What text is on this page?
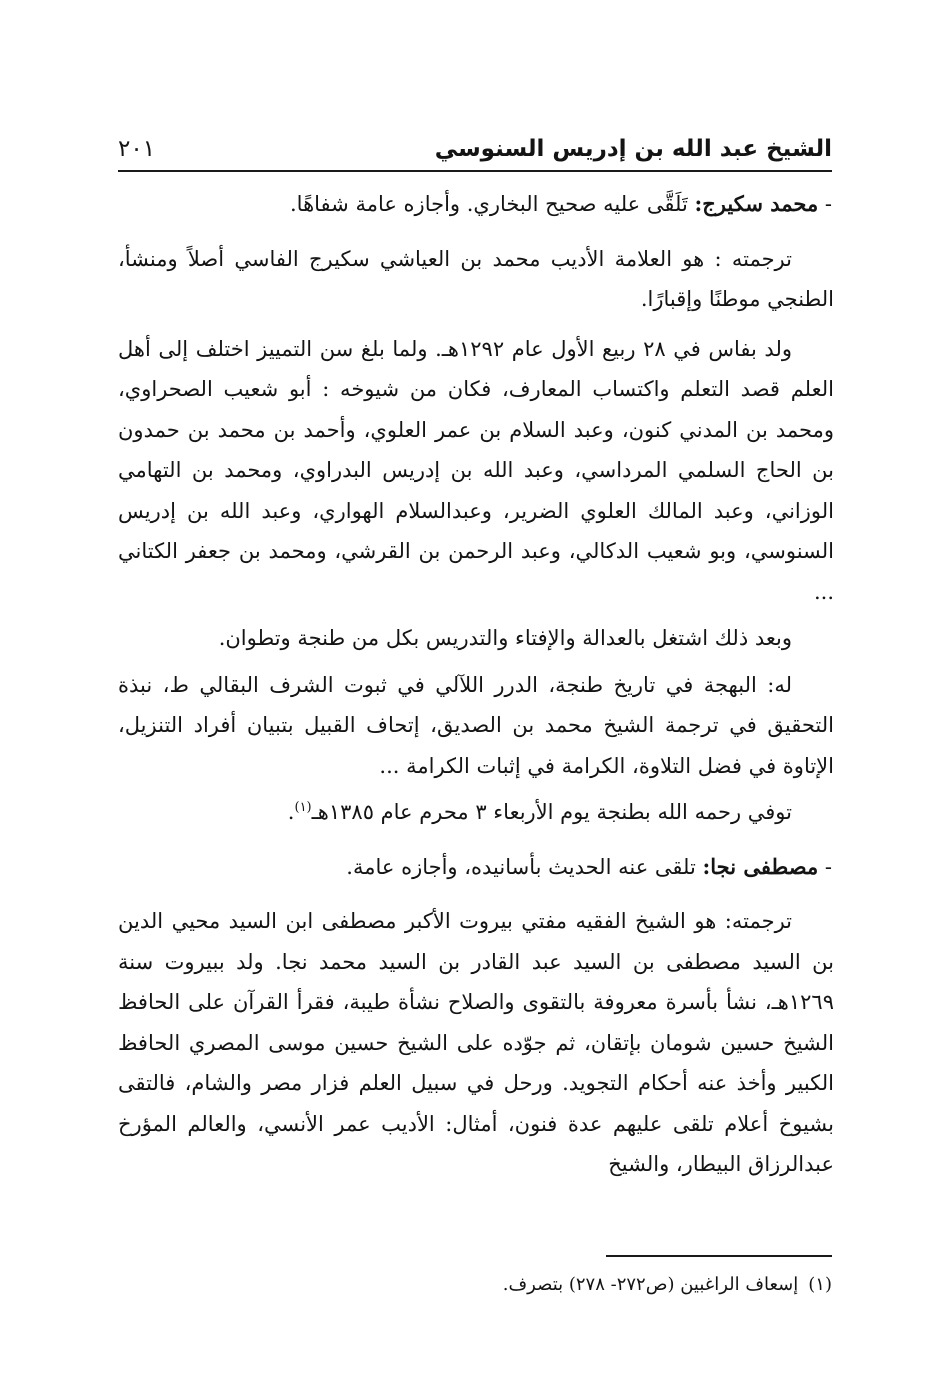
الشيخ عبد الله بن إدريس السنوسي
٢٠١

- محمد سكيرج: تَلَقَّى عليه صحيح البخاري. وأجازه عامة شفاهًا.

ترجمته : هو العلامة الأديب محمد بن العياشي سكيرج الفاسي أصلاً ومنشأ، الطنجي موطنًا وإقبارًا.

ولد بفاس في ٢٨ ربيع الأول عام ١٢٩٢هـ. ولما بلغ سن التمييز اختلف إلى أهل العلم قصد التعلم واكتساب المعارف، فكان من شيوخه : أبو شعيب الصحراوي، ومحمد بن المدني كنون، وعبد السلام بن عمر العلوي، وأحمد بن محمد بن حمدون بن الحاج السلمي المرداسي، وعبد الله بن إدريس البدراوي، ومحمد بن التهامي الوزاني، وعبد المالك العلوي الضرير، وعبدالسلام الهواري، وعبد الله بن إدريس السنوسي، وبو شعيب الدكالي، وعبد الرحمن بن القرشي، ومحمد بن جعفر الكتاني ...

وبعد ذلك اشتغل بالعدالة والإفتاء والتدريس بكل من طنجة وتطوان.

له: البهجة في تاريخ طنجة، الدرر اللآلي في ثبوت الشرف البقالي ط، نبذة التحقيق في ترجمة الشيخ محمد بن الصديق، إتحاف القبيل بتبيان أفراد التنزيل، الإتاوة في فضل التلاوة، الكرامة في إثبات الكرامة ...

توفي رحمه الله بطنجة يوم الأربعاء ٣ محرم عام ١٣٨٥هـ$^{(١)}$.

- مصطفى نجا: تلقى عنه الحديث بأسانيده، وأجازه عامة.

ترجمته: هو الشيخ الفقيه مفتي بيروت الأكبر مصطفى ابن السيد محيي الدين بن السيد مصطفى بن السيد عبد القادر بن السيد محمد نجا. ولد ببيروت سنة ١٢٦٩هـ، نشأ بأسرة معروفة بالتقوى والصلاح نشأة طيبة، فقرأ القرآن على الحافظ الشيخ حسين شومان بإتقان، ثم جوّده على الشيخ حسين موسى المصري الحافظ الكبير وأخذ عنه أحكام التجويد. ورحل في سبيل العلم فزار مصر والشام، فالتقى بشيوخ أعلام تلقى عليهم عدة فنون، أمثال: الأديب عمر الأنسي، والعالم المؤرخ عبدالرزاق البيطار، والشيخ

(١)إسعاف الراغبين (ص٢٧٢- ٢٧٨) بتصرف.
